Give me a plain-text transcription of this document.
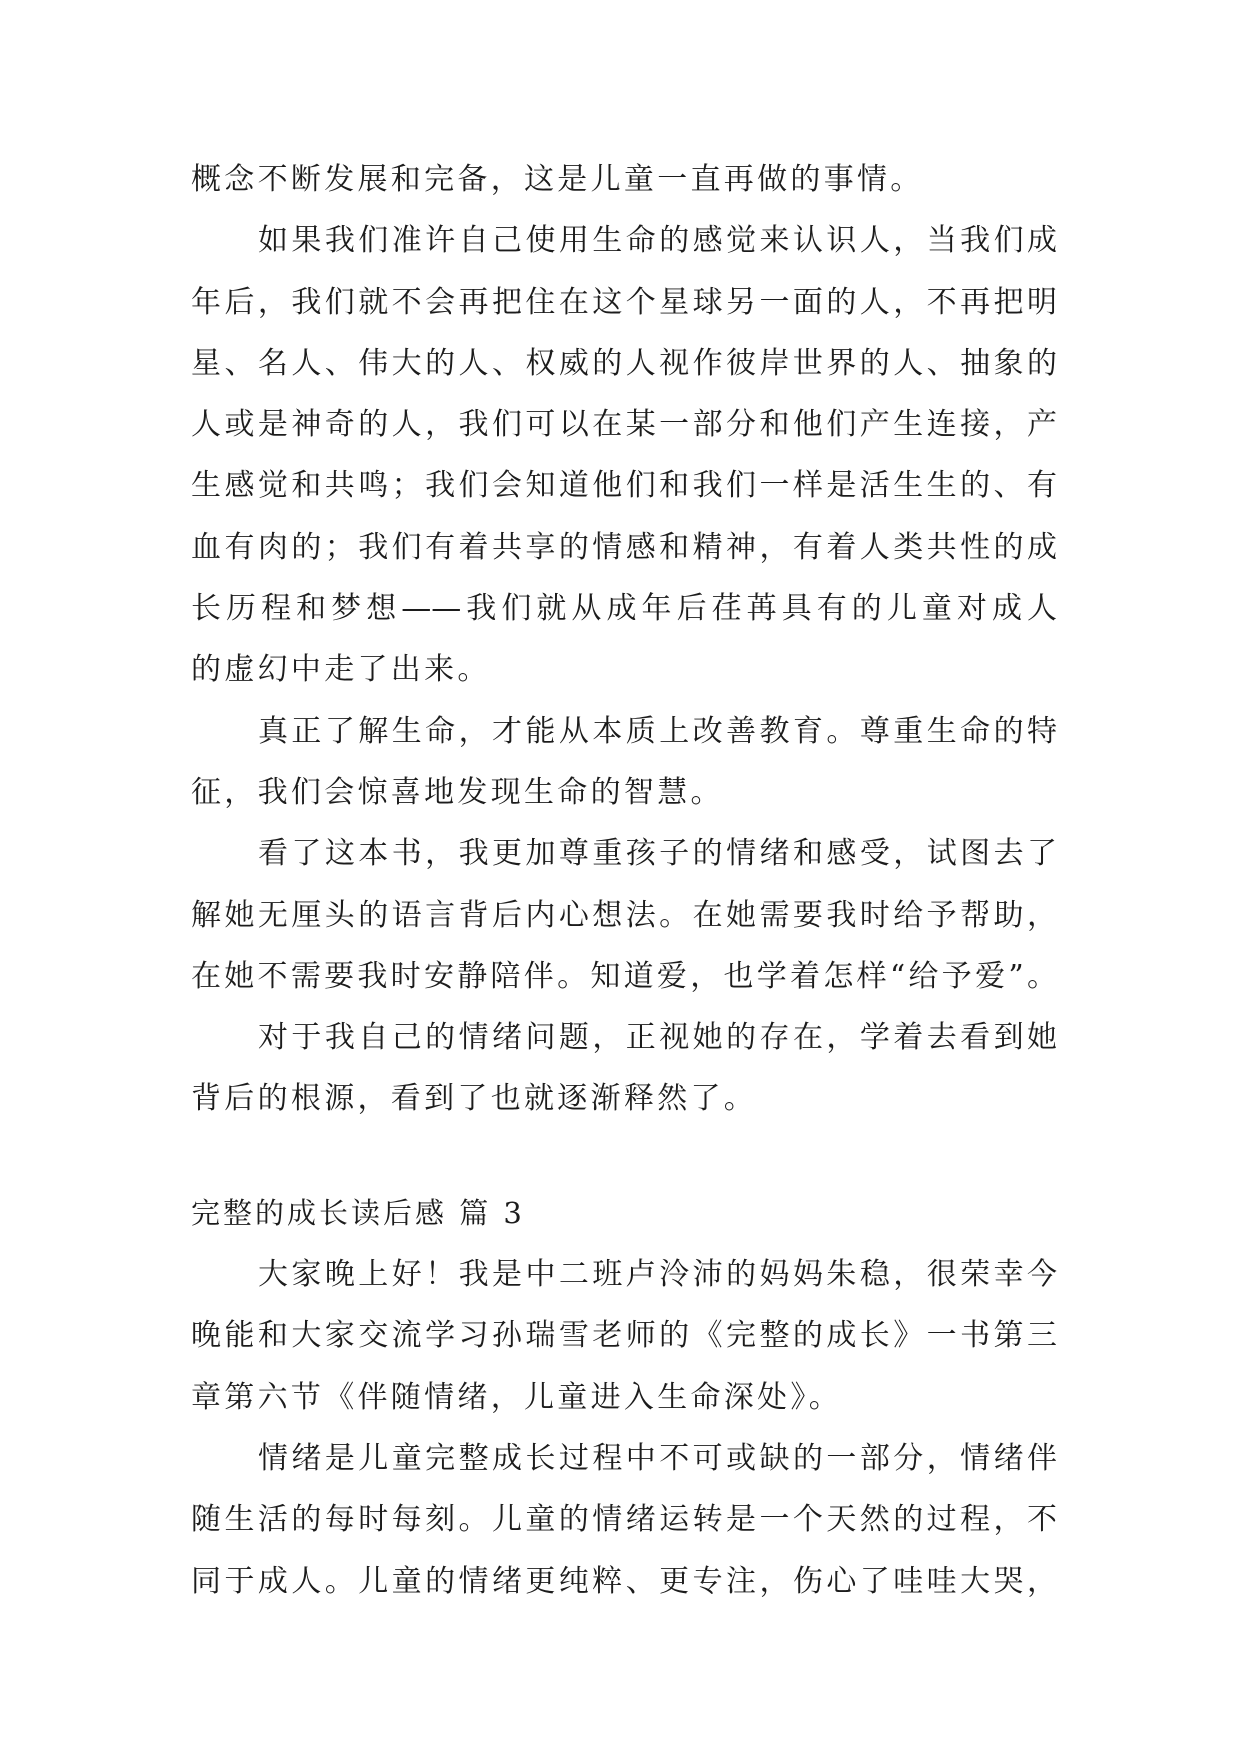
概念不断发展和完备，这是儿童一直再做的事情。
如果我们准许自己使用生命的感觉来认识人，当我们成
年后，我们就不会再把住在这个星球另一面的人，不再把明
星、名人、伟大的人、权威的人视作彼岸世界的人、抽象的
人或是神奇的人，我们可以在某一部分和他们产生连接，产
生感觉和共鸣；我们会知道他们和我们一样是活生生的、有
血有肉的；我们有着共享的情感和精神，有着人类共性的成
长历程和梦想——我们就从成年后荏苒具有的儿童对成人
的虚幻中走了出来。
真正了解生命，才能从本质上改善教育。尊重生命的特
征，我们会惊喜地发现生命的智慧。
看了这本书，我更加尊重孩子的情绪和感受，试图去了
解她无厘头的语言背后内心想法。在她需要我时给予帮助，
在她不需要我时安静陪伴。知道爱，也学着怎样“给予爱”。
对于我自己的情绪问题，正视她的存在，学着去看到她
背后的根源，看到了也就逐渐释然了。
完整的成长读后感 篇 3
大家晚上好！我是中二班卢泠沛的妈妈朱稳，很荣幸今
晚能和大家交流学习孙瑞雪老师的《完整的成长》一书第三
章第六节《伴随情绪，儿童进入生命深处》。
情绪是儿童完整成长过程中不可或缺的一部分，情绪伴
随生活的每时每刻。儿童的情绪运转是一个天然的过程，不
同于成人。儿童的情绪更纯粹、更专注，伤心了哇哇大哭，
